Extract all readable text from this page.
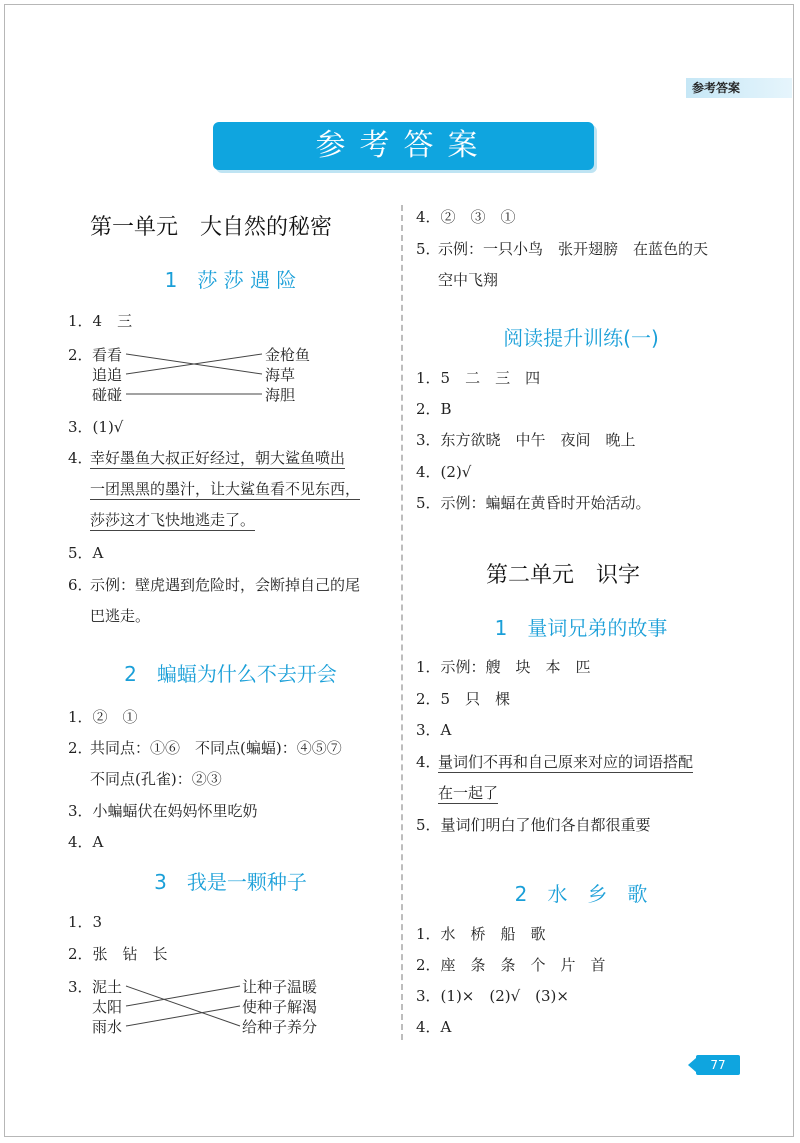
参考答案
参考答案
第一单元　大自然的秘密
1　莎 莎 遇 险
1．4　三
2． 看看
追追
碰碰
金枪鱼
海草
海胆
3．(1)√
4．幸好墨鱼大叔正好经过，朝大鲨鱼喷出
一团黑黑的墨汁，让大鲨鱼看不见东西，
莎莎这才飞快地逃走了。
5．A
6．示例：壁虎遇到危险时，会断掉自己的尾
巴逃走。
2　蝙蝠为什么不去开会
1．②　①
2．共同点：①⑥　不同点(蝙蝠)：④⑤⑦
不同点(孔雀)：②③
3．小蝙蝠伏在妈妈怀里吃奶
4．A
3　我是一颗种子
1．3
2．张　钻　长
3． 泥土
太阳
雨水
让种子温暖
使种子解渴
给种子养分
4．②　③　①
5．示例：一只小鸟　张开翅膀　在蓝色的天
空中飞翔
阅读提升训练(一)
1．5　二　三　四
2．B
3．东方欲晓　中午　夜间　晚上
4．(2)√
5．示例：蝙蝠在黄昏时开始活动。
第二单元　识字
1　量词兄弟的故事
1．示例：艘　块　本　匹
2．5　只　棵
3．A
4．量词们不再和自己原来对应的词语搭配
在一起了
5．量词们明白了他们各自都很重要
2　水　乡　歌
1．水　桥　船　歌
2．座　条　条　个　片　首
3．(1)×　(2)√　(3)×
4．A
77
